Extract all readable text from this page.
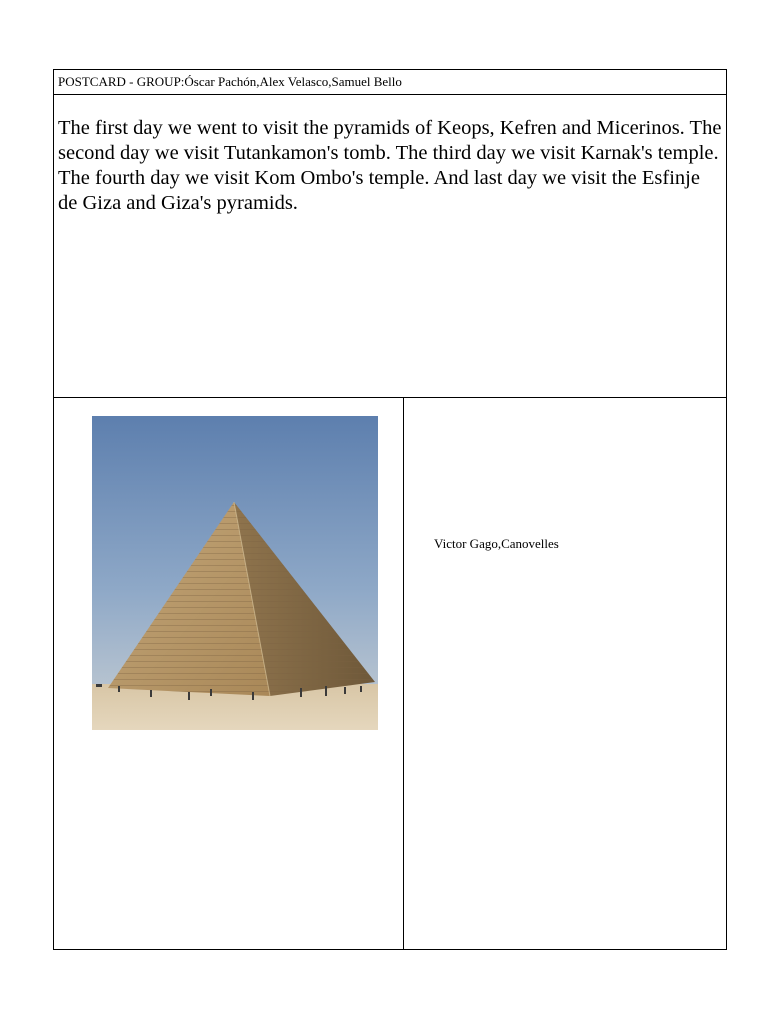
POSTCARD - GROUP:Óscar Pachón,Alex Velasco,Samuel Bello
The first day we went to visit the pyramids of Keops, Kefren and Micerinos. The second day we visit Tutankamon's tomb. The third day we visit Karnak's temple. The fourth day we visit Kom Ombo's temple. And last day we visit the Esfinje de Giza and Giza's pyramids.
Victor Gago,Canovelles
